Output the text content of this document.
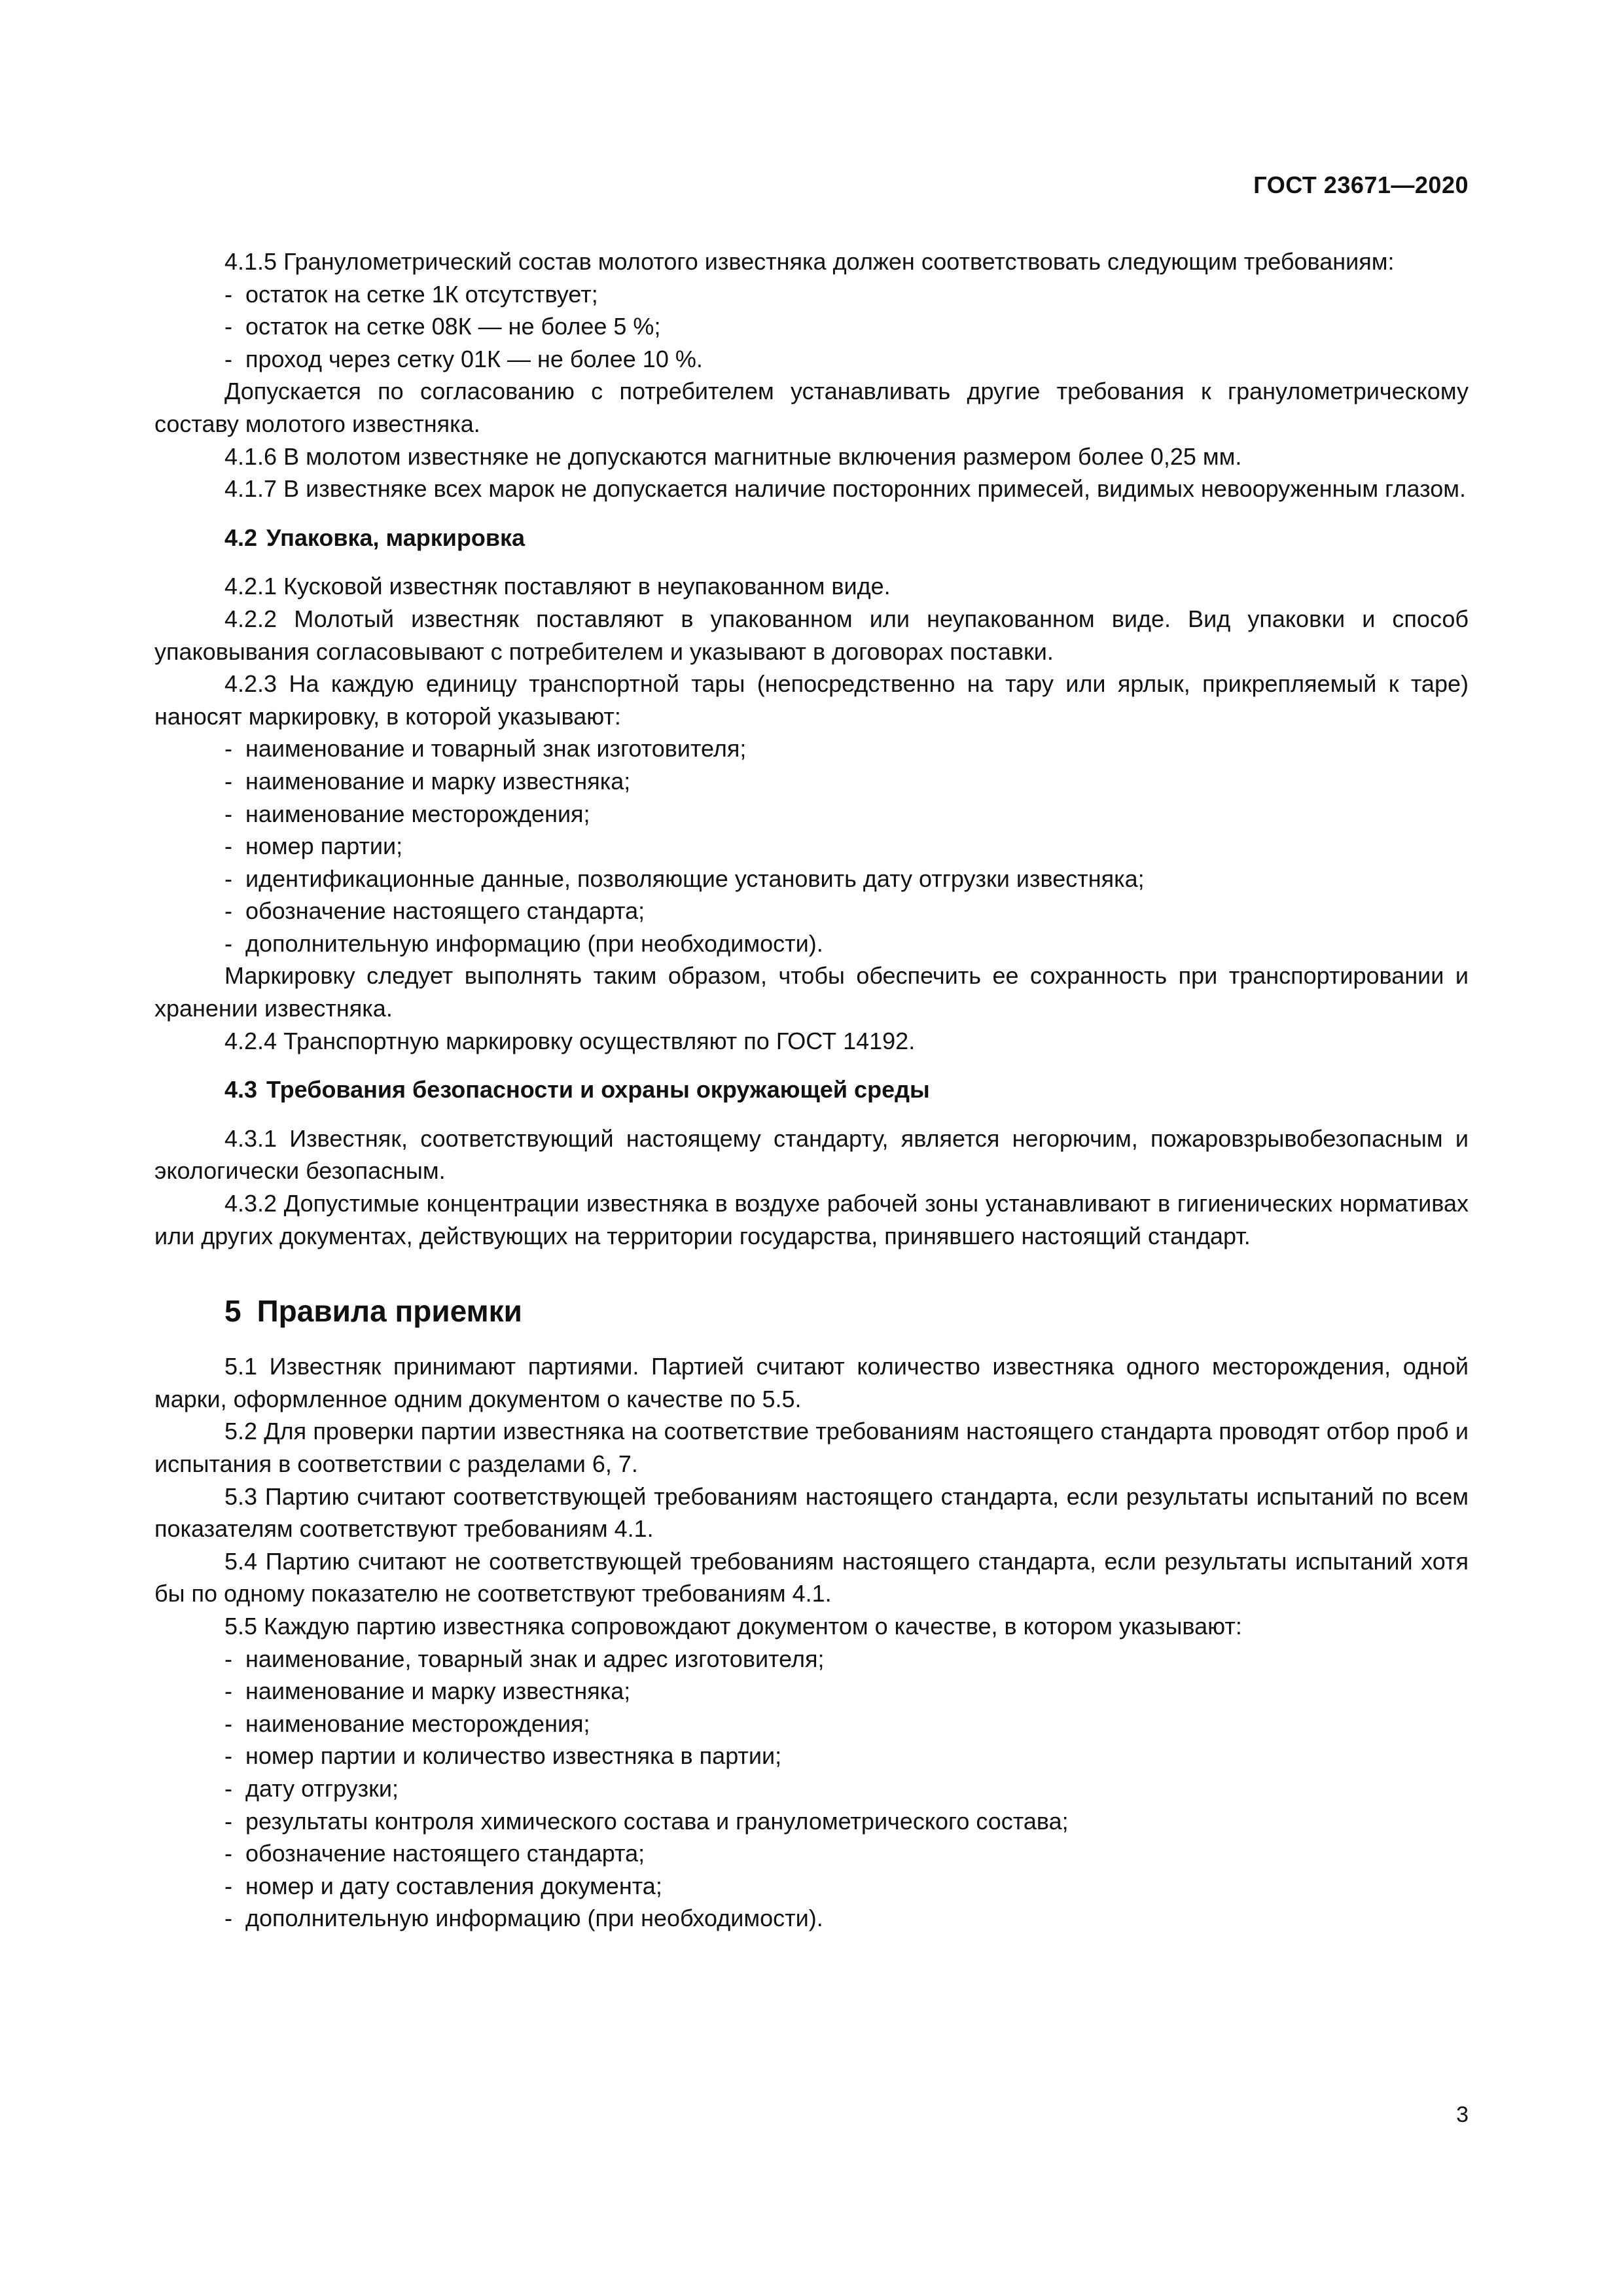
ГОСТ 23671—2020

4.1.5 Гранулометрический состав молотого известняка должен соответствовать следующим требованиям:

- остаток на сетке 1К отсутствует;
- остаток на сетке 08К — не более 5 %;
- проход через сетку 01К — не более 10 %.

Допускается по согласованию с потребителем устанавливать другие требования к гранулометрическому составу молотого известняка.

4.1.6 В молотом известняке не допускаются магнитные включения размером более 0,25 мм.

4.1.7 В известняке всех марок не допускается наличие посторонних примесей, видимых невооруженным глазом.

4.2 Упаковка, маркировка

4.2.1 Кусковой известняк поставляют в неупакованном виде.

4.2.2 Молотый известняк поставляют в упакованном или неупакованном виде. Вид упаковки и способ упаковывания согласовывают с потребителем и указывают в договорах поставки.

4.2.3 На каждую единицу транспортной тары (непосредственно на тару или ярлык, прикрепляемый к таре) наносят маркировку, в которой указывают:

- наименование и товарный знак изготовителя;
- наименование и марку известняка;
- наименование месторождения;
- номер партии;
- идентификационные данные, позволяющие установить дату отгрузки известняка;
- обозначение настоящего стандарта;
- дополнительную информацию (при необходимости).

Маркировку следует выполнять таким образом, чтобы обеспечить ее сохранность при транспортировании и хранении известняка.

4.2.4 Транспортную маркировку осуществляют по ГОСТ 14192.

4.3 Требования безопасности и охраны окружающей среды

4.3.1 Известняк, соответствующий настоящему стандарту, является негорючим, пожаровзрывобезопасным и экологически безопасным.

4.3.2 Допустимые концентрации известняка в воздухе рабочей зоны устанавливают в гигиенических нормативах или других документах, действующих на территории государства, принявшего настоящий стандарт.

5 Правила приемки

5.1 Известняк принимают партиями. Партией считают количество известняка одного месторождения, одной марки, оформленное одним документом о качестве по 5.5.

5.2 Для проверки партии известняка на соответствие требованиям настоящего стандарта проводят отбор проб и испытания в соответствии с разделами 6, 7.

5.3 Партию считают соответствующей требованиям настоящего стандарта, если результаты испытаний по всем показателям соответствуют требованиям 4.1.

5.4 Партию считают не соответствующей требованиям настоящего стандарта, если результаты испытаний хотя бы по одному показателю не соответствуют требованиям 4.1.

5.5 Каждую партию известняка сопровождают документом о качестве, в котором указывают:

- наименование, товарный знак и адрес изготовителя;
- наименование и марку известняка;
- наименование месторождения;
- номер партии и количество известняка в партии;
- дату отгрузки;
- результаты контроля химического состава и гранулометрического состава;
- обозначение настоящего стандарта;
- номер и дату составления документа;
- дополнительную информацию (при необходимости).
3
